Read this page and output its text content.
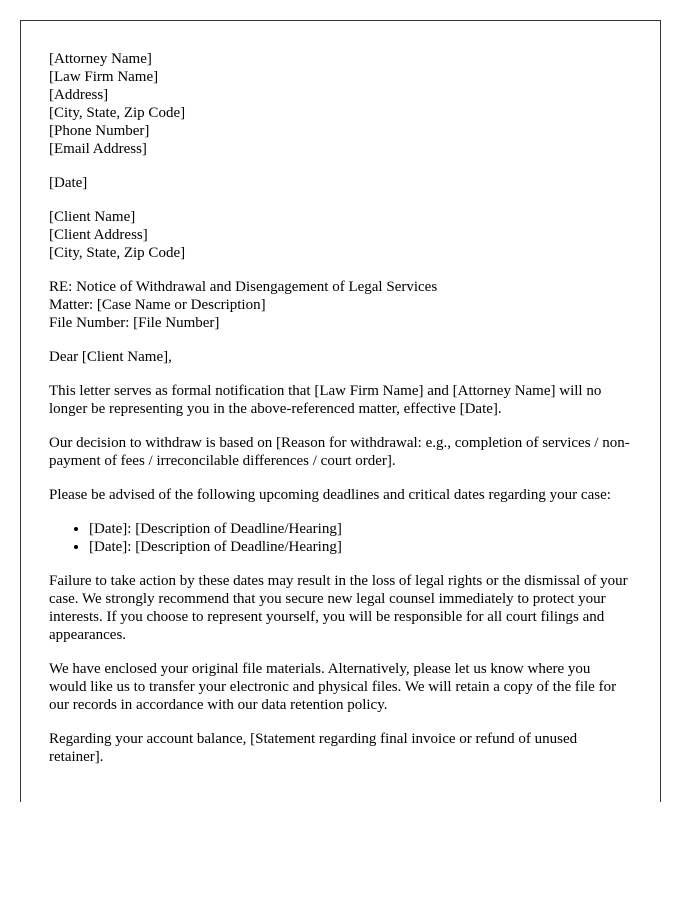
[Attorney Name]
[Law Firm Name]
[Address]
[City, State, Zip Code]
[Phone Number]
[Email Address]

[Date]

[Client Name]
[Client Address]
[City, State, Zip Code]

RE: Notice of Withdrawal and Disengagement of Legal Services
Matter: [Case Name or Description]
File Number: [File Number]

Dear [Client Name],

This letter serves as formal notification that [Law Firm Name] and [Attorney Name] will no longer be representing you in the above-referenced matter, effective [Date].

Our decision to withdraw is based on [Reason for withdrawal: e.g., completion of services / non-payment of fees / irreconcilable differences / court order].

Please be advised of the following upcoming deadlines and critical dates regarding your case:

• [Date]: [Description of Deadline/Hearing]
• [Date]: [Description of Deadline/Hearing]

Failure to take action by these dates may result in the loss of legal rights or the dismissal of your case. We strongly recommend that you secure new legal counsel immediately to protect your interests. If you choose to represent yourself, you will be responsible for all court filings and appearances.

We have enclosed your original file materials. Alternatively, please let us know where you would like us to transfer your electronic and physical files. We will retain a copy of the file for our records in accordance with our data retention policy.

Regarding your account balance, [Statement regarding final invoice or refund of unused retainer].
